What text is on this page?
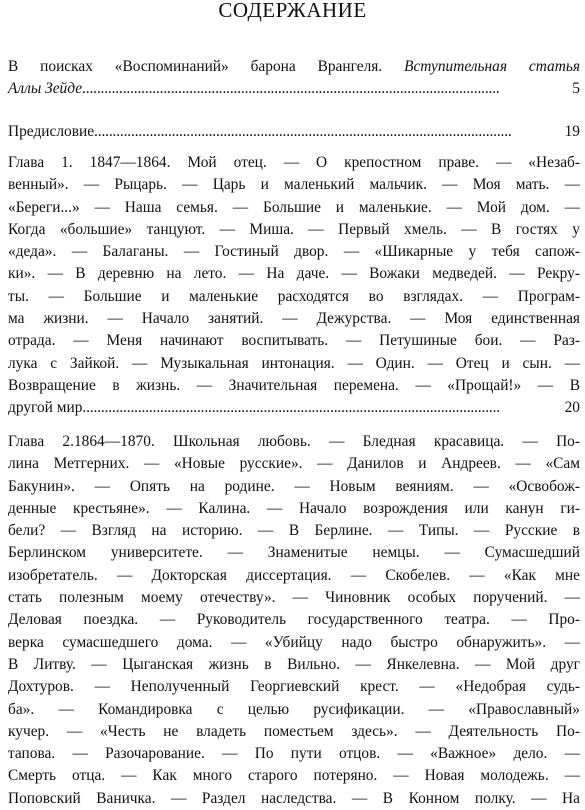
СОДЕРЖАНИЕ

В поисках «Воспоминаний» барона Врангеля. Вступительная статья

Аллы Зейде . . .	5

Предисловие . . .	19

Глава 1. 1847—1864. Мой отец. — О крепостном праве. — «Незаб-

венный». — Рыцарь. — Царь и маленький мальчик. — Моя мать. —

«Береги...» — Наша семья. — Большие и маленькие. — Мой дом. —

Когда «большие» танцуют. — Миша. — Первый хмель. — В гостях у

«деда». — Балаганы. — Гостиный двор. — «Шикарные у тебя сапож-

ки». — В деревню на лето. — На даче. — Вожаки медведей. — Рекру-

ты. — Большие и маленькие расходятся во взглядах. — Програм-

ма жизни. — Начало занятий. — Дежурства. — Моя единственная

отрада. — Меня начинают воспитывать. — Петушиные бои. — Раз-

лука с Зайкой. — Музыкальная интонация. — Один. — Отец и сын. —

Возвращение в жизнь. — Значительная перемена. — «Прощай!» — В

другой мир . . .	20

Глава 2.1864—1870. Школьная любовь. — Бледная красавица. — По-

лина Метгерних. — «Новые русские». — Данилов и Андреев. — «Сам

Бакунин». — Опять на родине. — Новым веяниям. — «Освобож-

денные крестьяне». — Калина. — Начало возрождения или канун ги-

бели? — Взгляд на историю. — В Берлине. — Типы. — Русские в

Берлинском университете. — Знаменитые немцы. — Сумасшедший

изобретатель. — Докторская диссертация. — Скобелев. — «Как мне

стать полезным моему отечеству». — Чиновник особых поручений. —

Деловая поездка. — Руководитель государственного театра. — Про-

верка сумасшедшего дома. — «Убийцу надо быстро обнаружить». —

В Литву. — Цыганская жизнь в Вильно. — Янкелевна. — Мой друг

Дохтуров. — Неполученный Георгиевский крест. — «Недобрая судь-

ба». — Командировка с целью русификации. — «Православный»

кучер. — «Честь не владеть поместьем здесь». — Деятельность По-

тапова. — Разочарование. — По пути отцов. — «Важное» дело. —

Смерть отца. — Как много старого потеряно. — Новая молодежь. —

Поповский Ваничка. — Раздел наследства. — В Конном полку. — На
